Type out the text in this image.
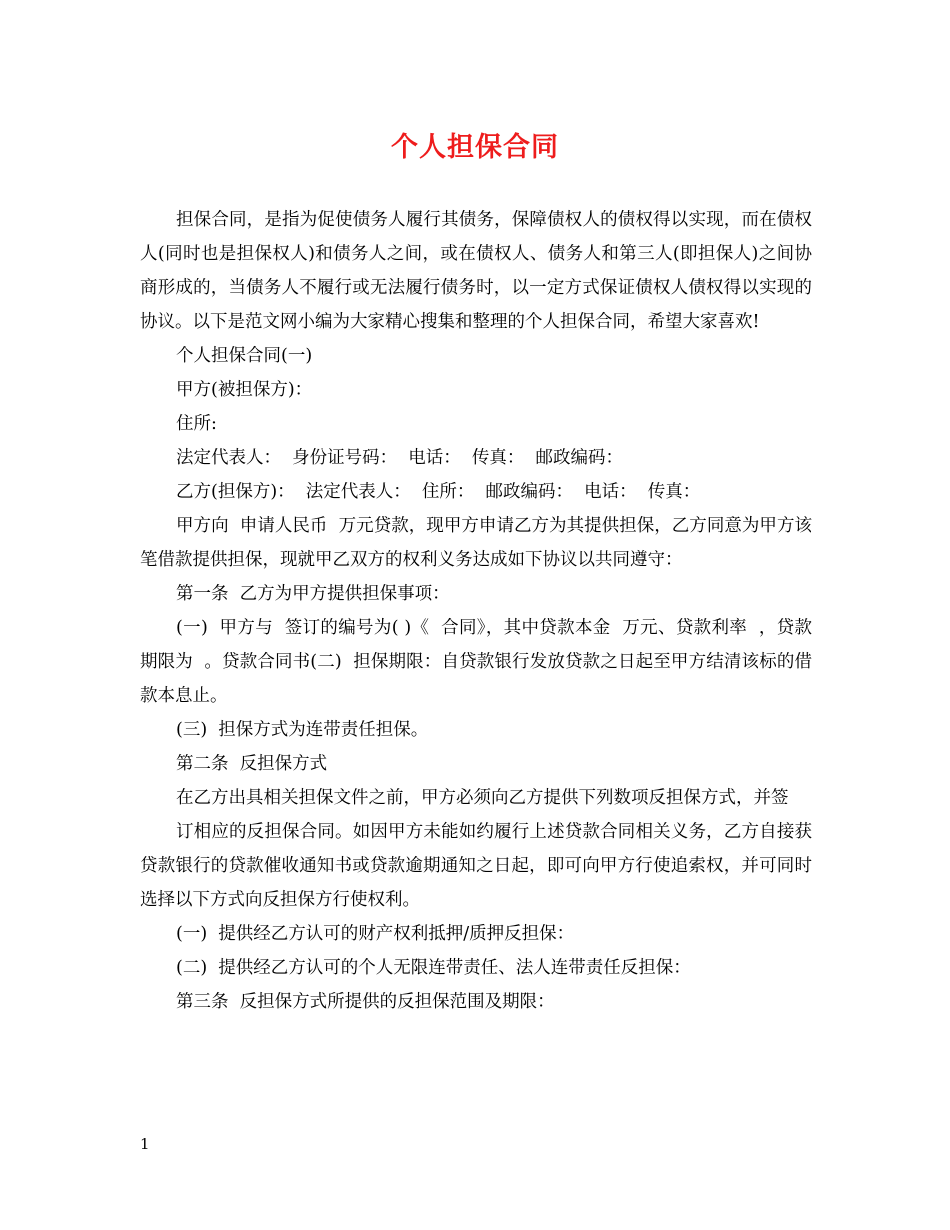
个人担保合同

担保合同，是指为促使债务人履行其债务，保障债权人的债权得以实现，而在债权人(同时也是担保权人)和债务人之间，或在债权人、债务人和第三人(即担保人)之间协商形成的，当债务人不履行或无法履行债务时，以一定方式保证债权人债权得以实现的协议。以下是范文网小编为大家精心搜集和整理的个人担保合同，希望大家喜欢!

个人担保合同(一)

甲方(被担保方)：

住所:

法定代表人：  身份证号码：  电话：  传真：  邮政编码：

乙方(担保方)：  法定代表人：  住所：  邮政编码：  电话：  传真：

甲方向  申请人民币  万元贷款，现甲方申请乙方为其提供担保，乙方同意为甲方该笔借款提供担保，现就甲乙双方的权利义务达成如下协议以共同遵守：

第一条  乙方为甲方提供担保事项：

(一)  甲方与  签订的编号为( )《  合同》，其中贷款本金  万元、贷款利率  ，贷款期限为  。贷款合同书(二)  担保期限：自贷款银行发放贷款之日起至甲方结清该标的借款本息止。

(三)  担保方式为连带责任担保。

第二条  反担保方式

在乙方出具相关担保文件之前，甲方必须向乙方提供下列数项反担保方式，并签

订相应的反担保合同。如因甲方未能如约履行上述贷款合同相关义务，乙方自接获贷款银行的贷款催收通知书或贷款逾期通知之日起，即可向甲方行使追索权，并可同时选择以下方式向反担保方行使权利。

(一)  提供经乙方认可的财产权利抵押/质押反担保：

(二)  提供经乙方认可的个人无限连带责任、法人连带责任反担保：

第三条  反担保方式所提供的反担保范围及期限：

1
